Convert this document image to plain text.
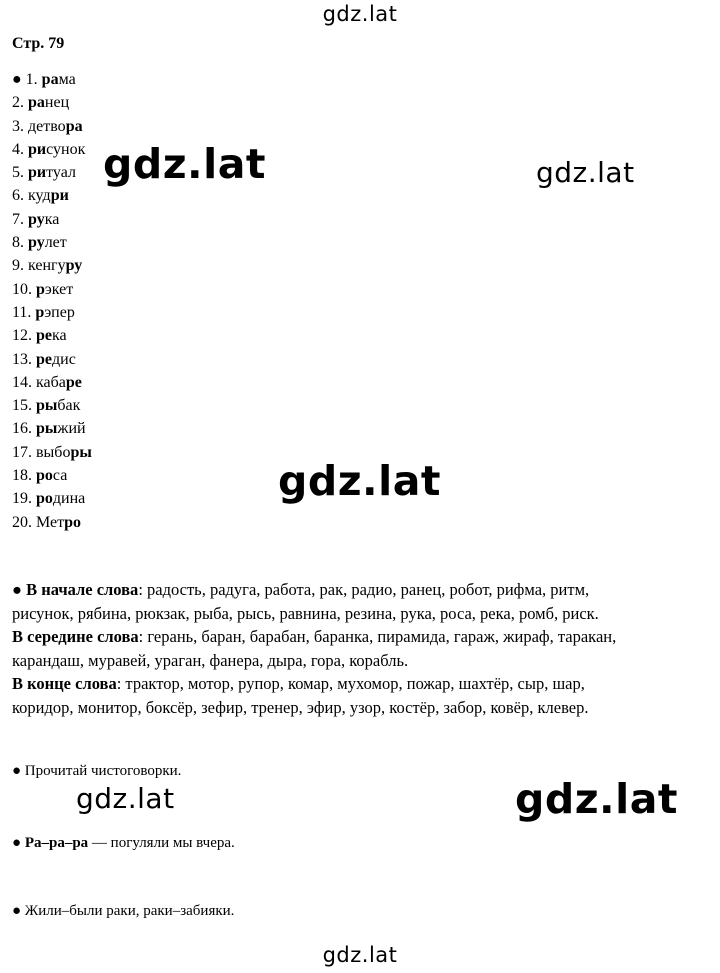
gdz.lat
gdz.lat	gdz.lat
gdz.lat
gdz.lat	gdz.lat
gdz.lat
Стр. 79
● 1. рама
2. ранец
3. детвора
4. рисунок
5. ритуал
6. кудри
7. рука
8. рулет
9. кенгуру
10. рэкет
11. рэпер
12. река
13. редис
14. кабаре
15. рыбак
16. рыжий
17. выборы
18. роса
19. родина
20. Метро
● В начале слова: радость, радуга, работа, рак, радио, ранец, робот, рифма, ритм,
рисунок, рябина, рюкзак, рыба, рысь, равнина, резина, рука, роса, река, ромб, риск.
В середине слова: герань, баран, барабан, баранка, пирамида, гараж, жираф, таракан,
карандаш, муравей, ураган, фанера, дыра, гора, корабль.
В конце слова: трактор, мотор, рупор, комар, мухомор, пожар, шахтёр, сыр, шар,
коридор, монитор, боксёр, зефир, тренер, эфир, узор, костёр, забор, ковёр, клевер.
● Прочитай чистоговорки.
● Ра–ра–ра — погуляли мы вчера.
● Жили–были раки, раки–забияки.
